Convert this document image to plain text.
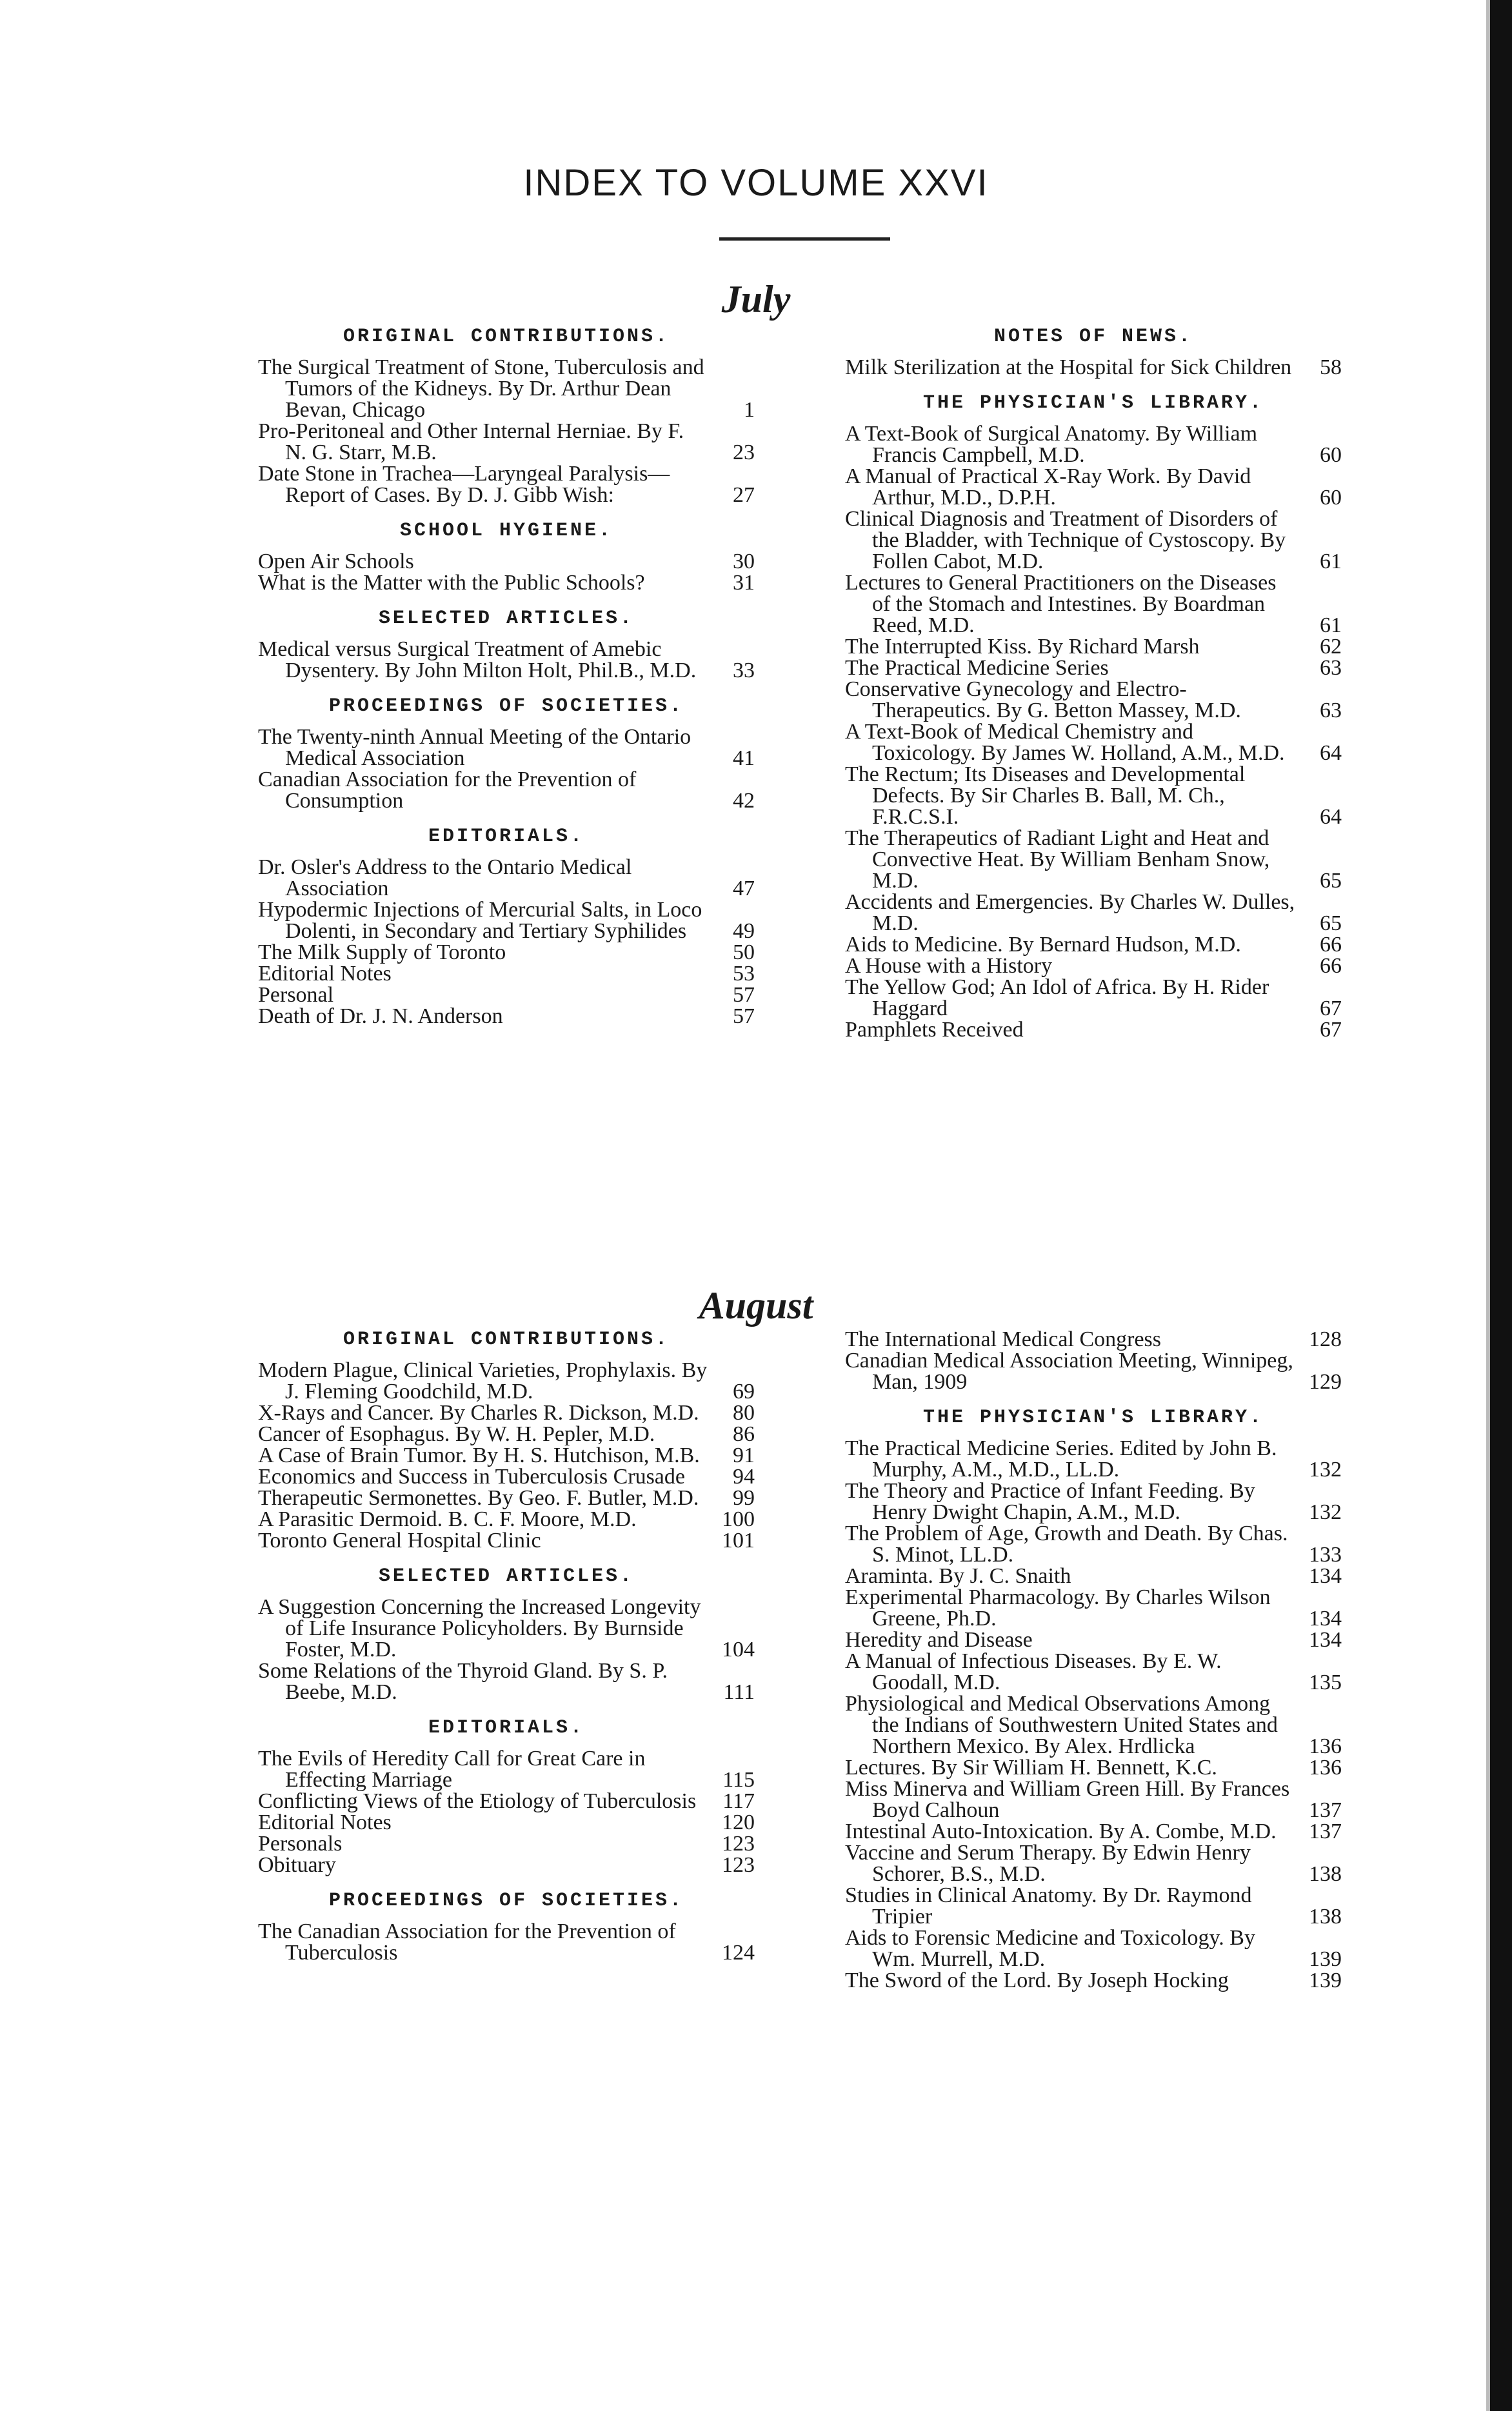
INDEX TO VOLUME XXVI
July
ORIGINAL CONTRIBUTIONS.
The Surgical Treatment of Stone, Tuberculosis and Tumors of the Kidneys. By Dr. Arthur Dean Bevan, Chicago	1
Pro-Peritoneal and Other Internal Herniae. By F. N. G. Starr, M.B.	23
Date Stone in Trachea—Laryngeal Paralysis—Report of Cases. By D. J. Gibb Wish:	27
SCHOOL HYGIENE.
Open Air Schools	30
What is the Matter with the Public Schools?	31
SELECTED ARTICLES.
Medical versus Surgical Treatment of Amebic Dysentery. By John Milton Holt, Phil.B., M.D.	33
PROCEEDINGS OF SOCIETIES.
The Twenty-ninth Annual Meeting of the Ontario Medical Association	41
Canadian Association for the Prevention of Consumption	42
EDITORIALS.
Dr. Osler's Address to the Ontario Medical Association	47
Hypodermic Injections of Mercurial Salts, in Loco Dolenti, in Secondary and Tertiary Syphilides	49
The Milk Supply of Toronto	50
Editorial Notes	53
Personal	57
Death of Dr. J. N. Anderson	57
NOTES OF NEWS.
Milk Sterilization at the Hospital for Sick Children	58
THE PHYSICIAN'S LIBRARY.
A Text-Book of Surgical Anatomy. By William Francis Campbell, M.D.	60
A Manual of Practical X-Ray Work. By David Arthur, M.D., D.P.H.	60
Clinical Diagnosis and Treatment of Disorders of the Bladder, with Technique of Cystoscopy. By Follen Cabot, M.D.	61
Lectures to General Practitioners on the Diseases of the Stomach and Intestines. By Boardman Reed, M.D.	61
The Interrupted Kiss. By Richard Marsh	62
The Practical Medicine Series	63
Conservative Gynecology and Electro-Therapeutics. By G. Betton Massey, M.D.	63
A Text-Book of Medical Chemistry and Toxicology. By James W. Holland, A.M., M.D.	64
The Rectum; Its Diseases and Developmental Defects. By Sir Charles B. Ball, M. Ch., F.R.C.S.I.	64
The Therapeutics of Radiant Light and Heat and Convective Heat. By William Benham Snow, M.D.	65
Accidents and Emergencies. By Charles W. Dulles, M.D.	65
Aids to Medicine. By Bernard Hudson, M.D.	66
A House with a History	66
The Yellow God; An Idol of Africa. By H. Rider Haggard	67
Pamphlets Received	67
August
ORIGINAL CONTRIBUTIONS.
Modern Plague, Clinical Varieties, Prophylaxis. By J. Fleming Goodchild, M.D.	69
X-Rays and Cancer. By Charles R. Dickson, M.D.	80
Cancer of Esophagus. By W. H. Pepler, M.D.	86
A Case of Brain Tumor. By H. S. Hutchison, M.B.	91
Economics and Success in Tuberculosis Crusade	94
Therapeutic Sermonettes. By Geo. F. Butler, M.D.	99
A Parasitic Dermoid. B. C. F. Moore, M.D.	100
Toronto General Hospital Clinic	101
SELECTED ARTICLES.
A Suggestion Concerning the Increased Longevity of Life Insurance Policyholders. By Burnside Foster, M.D.	104
Some Relations of the Thyroid Gland. By S. P. Beebe, M.D.	111
EDITORIALS.
The Evils of Heredity Call for Great Care in Effecting Marriage	115
Conflicting Views of the Etiology of Tuberculosis	117
Editorial Notes	120
Personals	123
Obituary	123
PROCEEDINGS OF SOCIETIES.
The Canadian Association for the Prevention of Tuberculosis	124
The International Medical Congress	128
Canadian Medical Association Meeting, Winnipeg, Man, 1909	129
THE PHYSICIAN'S LIBRARY.
The Practical Medicine Series. Edited by John B. Murphy, A.M., M.D., LL.D.	132
The Theory and Practice of Infant Feeding. By Henry Dwight Chapin, A.M., M.D.	132
The Problem of Age, Growth and Death. By Chas. S. Minot, LL.D.	133
Araminta. By J. C. Snaith	134
Experimental Pharmacology. By Charles Wilson Greene, Ph.D.	134
Heredity and Disease	134
A Manual of Infectious Diseases. By E. W. Goodall, M.D.	135
Physiological and Medical Observations Among the Indians of Southwestern United States and Northern Mexico. By Alex. Hrdlicka	136
Lectures. By Sir William H. Bennett, K.C.	136
Miss Minerva and William Green Hill. By Frances Boyd Calhoun	137
Intestinal Auto-Intoxication. By A. Combe, M.D.	137
Vaccine and Serum Therapy. By Edwin Henry Schorer, B.S., M.D.	138
Studies in Clinical Anatomy. By Dr. Raymond Tripier	138
Aids to Forensic Medicine and Toxicology. By Wm. Murrell, M.D.	139
The Sword of the Lord. By Joseph Hocking	139
